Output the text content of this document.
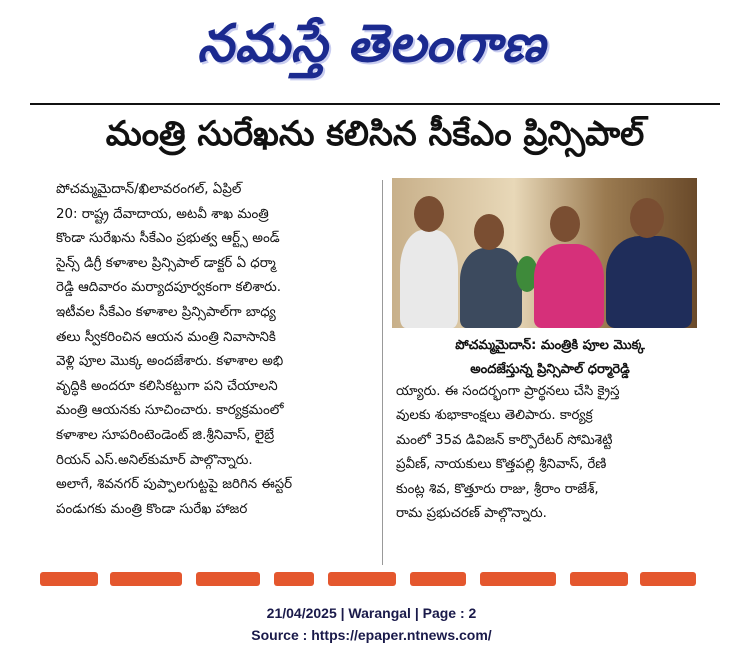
నమస్తే తెలంగాణ
మంత్రి సురేఖను కలిసిన సీకేఎం ప్రిన్సిపాల్
పోచమ్మమైదాన్/ఖిలావరంగల్, ఏప్రిల్
20: రాష్ట్ర దేవాదాయ, అటవీ శాఖ మంత్రి
కొండా సురేఖను సీకేఎం ప్రభుత్వ ఆర్ట్స్ అండ్
సైన్స్ డిగ్రీ కళాశాల ప్రిన్సిపాల్ డాక్టర్ ఏ ధర్మా
రెడ్డి ఆదివారం మర్యాదపూర్వకంగా కలిశారు.
ఇటీవల సీకేఎం కళాశాల ప్రిన్సిపాల్‌గా బాధ్య
తలు స్వీకరించిన ఆయన మంత్రి నివాసానికి
వెళ్లి పూల మొక్క అందజేశారు. కళాశాల అభి
వృద్ధికి అందరూ కలిసికట్టుగా పని చేయాలని
మంత్రి ఆయనకు సూచించారు. కార్యక్రమంలో
కళాశాల సూపరింటెండెంట్ జి.శ్రీనివాస్, లైబ్రే
రియన్ ఎస్.అనిల్‌కుమార్ పాల్గొన్నారు.
అలాగే, శివనగర్ పుప్పాలగుట్టపై జరిగిన ఈస్టర్
పండుగకు మంత్రి కొండా సురేఖ హాజర
పోచమ్మమైదాన్: మంత్రికి పూల మొక్క
అందజేస్తున్న ప్రిన్సిపాల్ ధర్మారెడ్డి
య్యారు. ఈ సందర్భంగా ప్రార్థనలు చేసి క్రైస్త
వులకు శుభాకాంక్షలు తెలిపారు. కార్యక్ర
మంలో 35వ డివిజన్ కార్పొరేటర్ సోమిశెట్టి
ప్రవీణ్, నాయకులు కొత్తపల్లి శ్రీనివాస్, రేణి
కుంట్ల శివ, కొత్తూరు రాజు, శ్రీరాం రాజేశ్,
రామ ప్రభుచరణ్ పాల్గొన్నారు.
21/04/2025 | Warangal | Page : 2
Source : https://epaper.ntnews.com/
